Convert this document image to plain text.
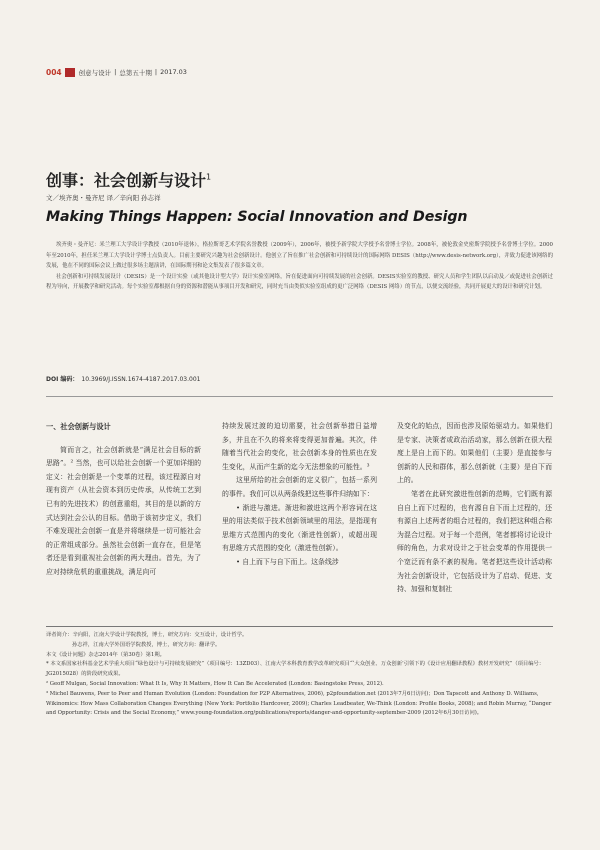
004	创意与设计 | 总第五十期 | 2017.03
创事：社会创新与设计$^1$
文／埃齐奥・曼齐尼 译／辛向阳 孙志祥
Making Things Happen: Social Innovation and Design

埃齐奥・曼齐尼：米兰理工大学设计学教授（2010年退休），格拉斯哥艺术学院名誉教授（2009年），2006年，被授予新学院大学授予名誉博士学位。2008年，被伦敦金史密斯学院授予名誉博士学位。2000年至2010年，担任米兰理工大学设计学博士点负责人。目前主要研究兴趣为社会创新设计。他创立了旨在推广社会创新和可持续设计的国际网络 DESIS（http://www.desis-network.org），并致力促进该网络的发展，他在不同的国际会议上做过很多场主题演讲，在国际期刊和论文集发表了很多篇文章。

社会创新和可持续发展设计（DESIS）是一个设计实验（或其他设计型大学）设计实验室网络，旨在促进面向可持续发展的社会创新。DESIS实验室的教授、研究人员和学生团队以启动及／或促进社会创新过程为导向，开展教学和研究活动。每个实验室都根据自身的资源和潜能从事项目开发和研究，同时充当由类似实验室组成的更广泛网络（DESIS 网络）的节点，以便交流经验，共同开展更大的设计和研究计划。

DOI 编码： 10.3969/J.ISSN.1674-4187.2017.03.001
一、社会创新与设计

简而言之，社会创新就是“满足社会目标的新思路”。² 当然，也可以给社会创新一个更加详细的定义：社会创新是一个变革的过程，该过程源自对现有资产（从社会资本到历史传承，从传统工艺到已有的先进技术）的创意重组，其目的是以新的方式达到社会公认的目标。借助于该初步定义，我们不难发现社会创新一直是并将继续是一切可能社会的正常组成部分。虽然社会创新一直存在，但是笔者还是看到重视社会创新的两大理由。首先，为了应对持续危机的重重挑战，满足向可

持续发展过渡的迫切需要，社会创新举措日益增多，并且在不久的将来将变得更加普遍。其次，伴随着当代社会的变化，社会创新本身的性质也在发生变化，从而产生新的迄今无法想象的可能性。³

这里所给的社会创新的定义很广，包括一系列的事件。我们可以从两条线把这些事件归纳如下：

• 渐进与激进。渐进和激进这两个形容词在这里的用法类似于技术创新领域里的用法，是指现有思维方式范围内的变化（渐进性创新），或超出现有思维方式范围的变化（激进性创新）。

• 自上而下与自下而上。这条线涉

及变化的始点，因而也涉及原始驱动力。如果他们是专家、决策者或政治活动家，那么创新在很大程度上是自上而下的。如果他们（主要）是直接参与创新的人民和群体，那么创新就（主要）是自下而上的。

笔者在此研究激进性创新的范畴，它们既有源自自上而下过程的，也有源自自下而上过程的，还有源自上述两者的组合过程的，我们把这种组合称为混合过程。对于每一个范例，笔者都将讨论设计师的角色，力求对设计之于社会变革的作用提供一个宽泛而有条不紊的视角。笔者把这些设计活动称为社会创新设计，它包括设计为了启动、促进、支持、加强和复制社

译者简介：辛向阳，江南大学设计学院教授，博士，研究方向：交互设计，设计哲学。

孙志祥，江南大学外国语学院教授，博士，研究方向：翻译学。

本文《设计问题》杂志2014年（第30卷）第1期。

* 本文系国家社科基金艺术学重大项目“绿色设计与可持续发展研究”（项目编号：13ZD03）、江南大学本科教育教学改革研究项目“‘大众创业、万众创新’引领下的《设计应用翻译教程》教材开发研究”（项目编号：JG2015028）的阶段研究成果。

² Geoff Mulgan, Social Innovation: What It Is, Why It Matters, How It Can Be Accelerated (London: Basingstoke Press, 2012).

³ Michel Bauwens, Peer to Peer and Human Evolution (London: Foundation for P2P Alternatives, 2006), p2pfoundation.net (2013年7月6日访问)；Don Tapscott and Anthony D. Williams, Wikinomics: How Mass Collaboration Changes Everything (New York: Portfolio Hardcover, 2009); Charles Leadbeater, We-Think (London: Profile Books, 2008); and Robin Murray, “Danger and Opportunity: Crisis and the Social Economy,” www.young-foundation.org/publications/reports/danger-and-opportunity-september-2009 (2012年6月30日访问)。
